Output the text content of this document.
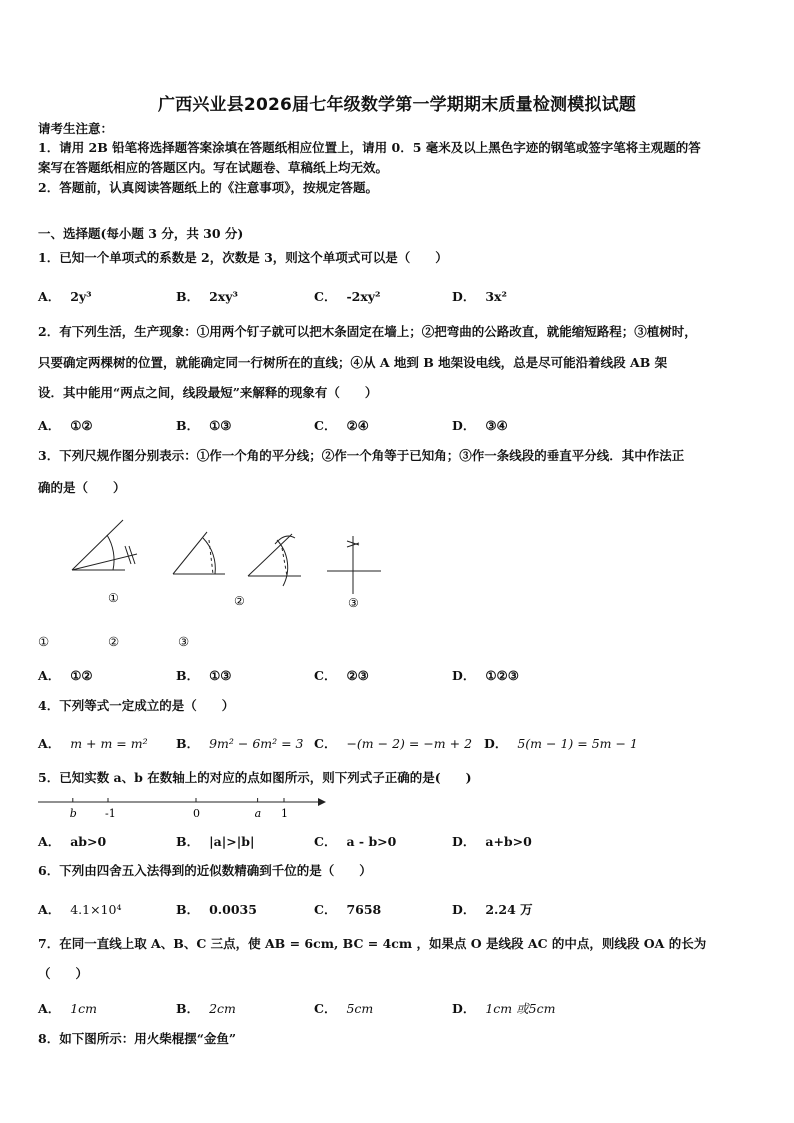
广西兴业县2026届七年级数学第一学期期末质量检测模拟试题
请考生注意：
1．请用 2B 铅笔将选择题答案涂填在答题纸相应位置上，请用 0．5 毫米及以上黑色字迹的钢笔或签字笔将主观题的答
案写在答题纸相应的答题区内。写在试题卷、草稿纸上均无效。
2．答题前，认真阅读答题纸上的《注意事项》，按规定答题。
一、选择题(每小题 3 分，共 30 分)
1．已知一个单项式的系数是 2，次数是 3，则这个单项式可以是（　　）
A． 2y³	B． 2xy³	C． -2xy²	D． 3x²
2．有下列生活，生产现象：①用两个钉子就可以把木条固定在墙上；②把弯曲的公路改直，就能缩短路程；③植树时，
只要确定两棵树的位置，就能确定同一行树所在的直线；④从 A 地到 B 地架设电线，总是尽可能沿着线段 AB 架
设．其中能用“两点之间，线段最短”来解释的现象有（　　）
A． ①②	B． ①③	C． ②④	D． ③④
3．下列尺规作图分别表示：①作一个角的平分线；②作一个角等于已知角；③作一条线段的垂直平分线．其中作法正
确的是（　　）
①	②	③
①	②	③
A． ①②	B． ①③	C． ②③	D． ①②③
4．下列等式一定成立的是（　　）
A． m + m = m² B． 9m² − 6m² = 3 C． −(m − 2) = −m + 2 D． 5(m − 1) = 5m − 1
5．已知实数 a、b 在数轴上的对应的点如图所示，则下列式子正确的是(　　)
b	-1	0	a 1
A． ab>0	B． |a|>|b|	C． a - b>0	D． a+b>0
6．下列由四舍五入法得到的近似数精确到千位的是（　　）
A． 4.1×10⁴	B． 0.0035	C． 7658	D． 2.24 万
7．在同一直线上取 A、B、C 三点，使 AB = 6cm, BC = 4cm ，如果点 O 是线段 AC 的中点，则线段 OA 的长为
（　　）
A． 1cm	B． 2cm	C． 5cm	D． 1cm 或5cm
8．如下图所示：用火柴棍摆“金鱼”
